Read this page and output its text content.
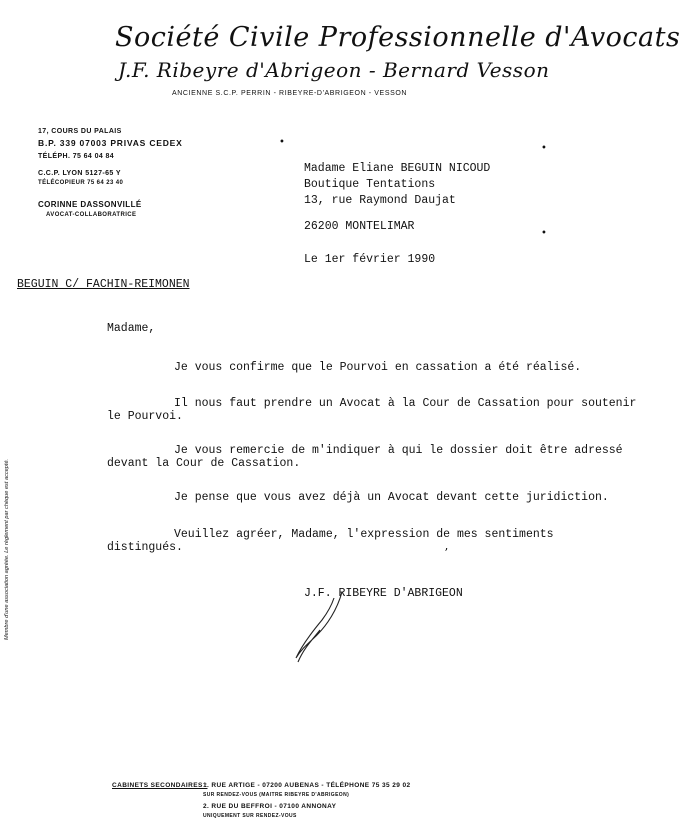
Société Civile Professionnelle d'Avocats
J.F. Ribeyre d'Abrigeon - Bernard Vesson
ANCIENNE S.C.P. PERRIN - RIBEYRE-D'ABRIGEON - VESSON
17, COURS DU PALAIS
B.P. 339 07003 PRIVAS CEDEX
TÉLÉPH. 75 64 04 84
C.C.P. LYON 5127-65 Y
TÉLÉCOPIEUR 75 64 23 40
CORINNE DASSONVILLÉ
AVOCAT-COLLABORATRICE
•
•
•
ʼ
Madame Eliane BEGUIN NICOUD
Boutique Tentations
13, rue Raymond Daujat
26200 MONTELIMAR
Le 1er février 1990
BEGUIN C/ FACHIN-REIMONEN
Madame,
Je vous confirme que le Pourvoi en cassation a été réalisé.
Il nous faut prendre un Avocat à la Cour de Cassation pour soutenir
le Pourvoi.
Je vous remercie de m'indiquer à qui le dossier doit être adressé
devant la Cour de Cassation.
Je pense que vous avez déjà un Avocat devant cette juridiction.
Veuillez agréer, Madame, l'expression de mes sentiments
distingués.
J.F. RIBEYRE D'ABRIGEON
Membre d'une association agréée. Le règlement par chèque est accepté.
CABINETS SECONDAIRES :
1. RUE ARTIGE - 07200 AUBENAS - TÉLÉPHONE 75 35 29 02
SUR RENDEZ-VOUS (MAITRE RIBEYRE D'ABRIGEON)
2. RUE DU BEFFROI - 07100 ANNONAY
UNIQUEMENT SUR RENDEZ-VOUS
